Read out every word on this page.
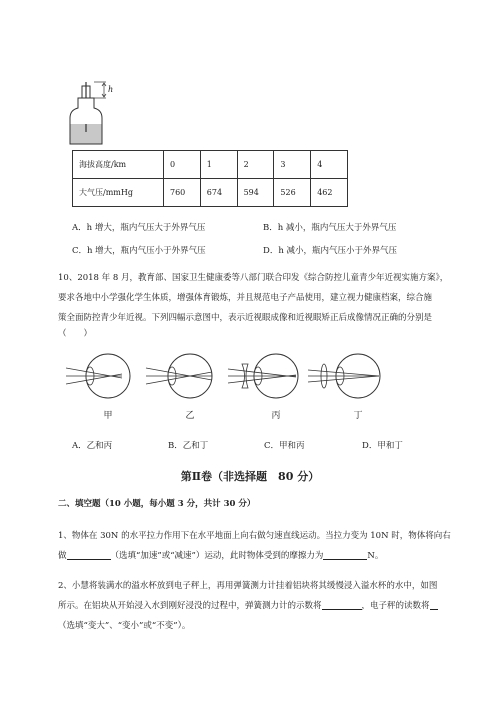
h
海拔高度/km	0	1	2	3	4
大气压/mmHg	760	674	594	526	462
A．h 增大，瓶内气压大于外界气压	B．h 减小，瓶内气压大于外界气压
C．h 增大，瓶内气压小于外界气压	D．h 减小，瓶内气压小于外界气压
10、2018 年 8 月，教育部、国家卫生健康委等八部门联合印发《综合防控儿童青少年近视实施方案》，
要求各地中小学强化学生体质，增强体育锻炼，并且规范电子产品使用，建立视力健康档案，综合施
策全面防控青少年近视。下列四幅示意图中，表示近视眼成像和近视眼矫正后成像情况正确的分别是
（　　）
甲	乙	丙	丁
A．乙和丙	B．乙和丁	C．甲和丙	D．甲和丁
第Ⅱ卷（非选择题　80 分）
二、填空题（10 小题，每小题 3 分，共计 30 分）
1、物体在 30N 的水平拉力作用下在水平地面上向右做匀速直线运动。当拉力变为 10N 时，物体将向右
做	（选填“加速”或“减速”）运动，此时物体受到的摩擦力为	N。
2、小慧将装满水的溢水杯放到电子秤上，再用弹簧测力计挂着铝块将其缓慢浸入溢水杯的水中，如图
所示。在铝块从开始浸入水到刚好浸没的过程中，弹簧测力计的示数将	，电子秤的读数将
（选填“变大”、“变小”或“不变”）。
